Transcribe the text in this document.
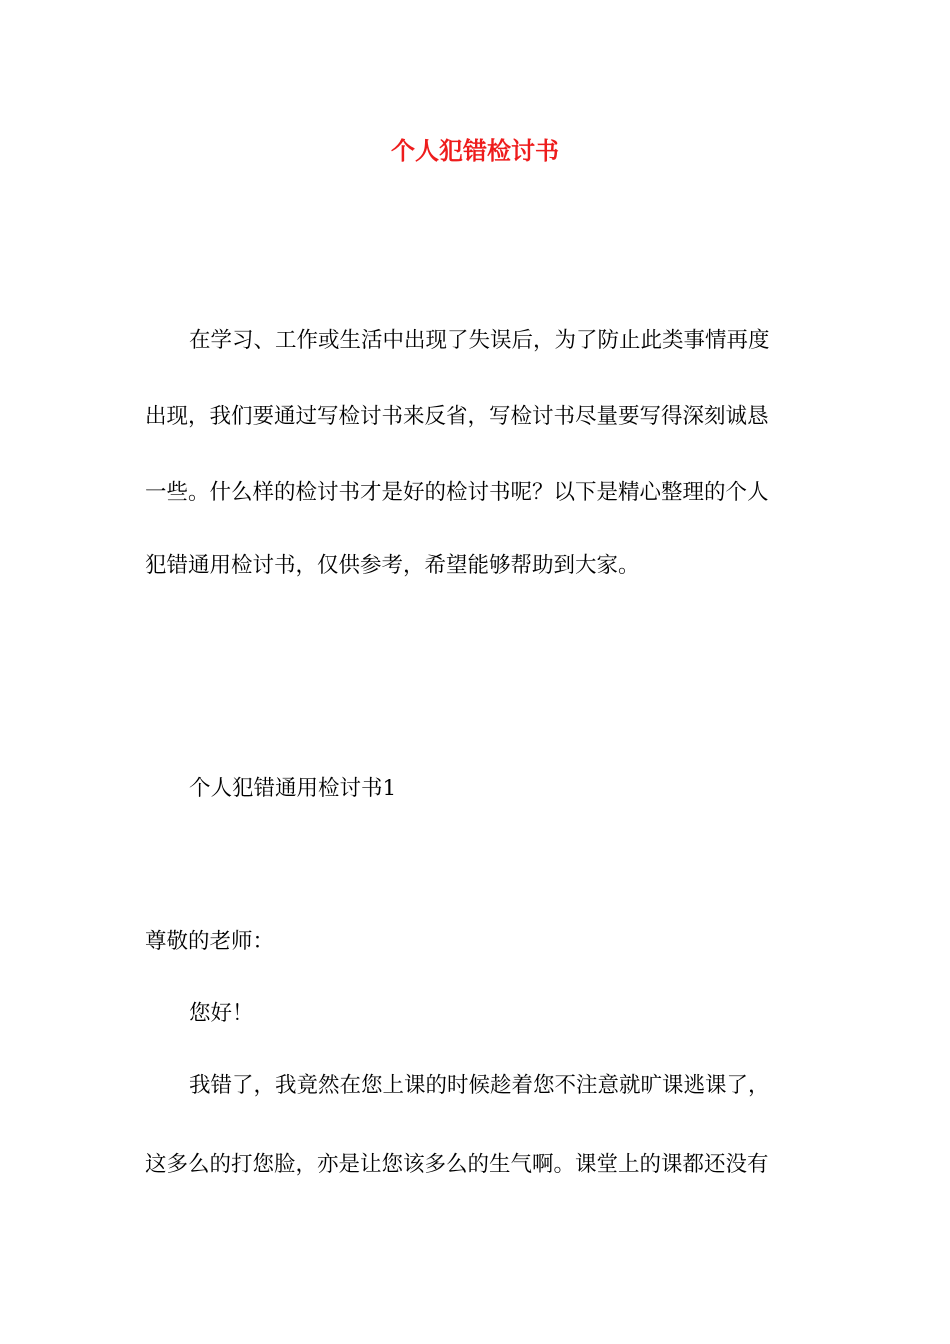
个人犯错检讨书
在学习、工作或生活中出现了失误后，为了防止此类事情再度
出现，我们要通过写检讨书来反省，写检讨书尽量要写得深刻诚恳
一些。什么样的检讨书才是好的检讨书呢？以下是精心整理的个人
犯错通用检讨书，仅供参考，希望能够帮助到大家。
个人犯错通用检讨书1
尊敬的老师：
您好！
我错了，我竟然在您上课的时候趁着您不注意就旷课逃课了，
这多么的打您脸，亦是让您该多么的生气啊。课堂上的课都还没有
